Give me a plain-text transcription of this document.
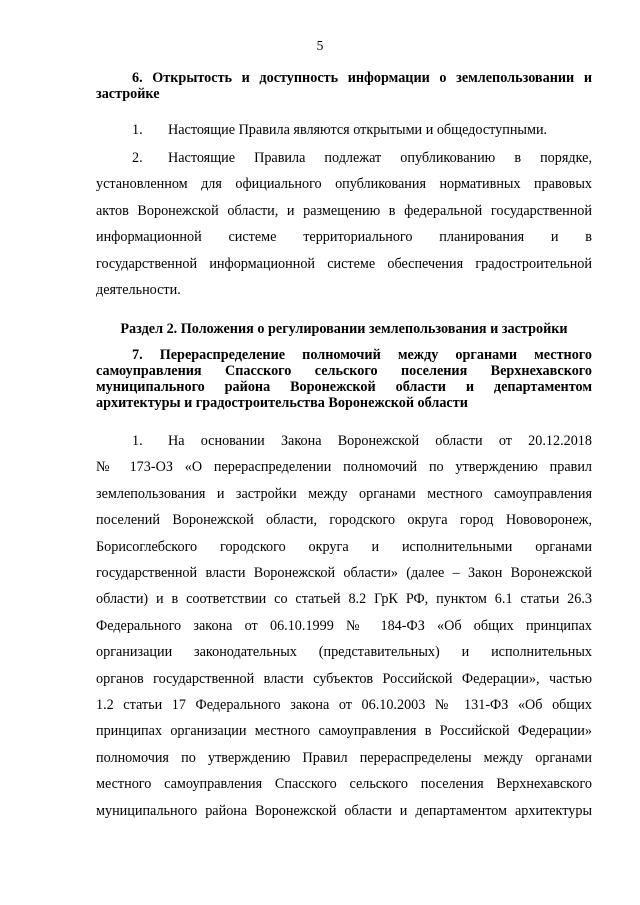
5

6. Открытость и доступность информации о землепользовании и застройке

1. Настоящие Правила являются открытыми и общедоступными.
2. Настоящие Правила подлежат опубликованию в порядке,
установленном для официального опубликования нормативных правовых
актов Воронежской области, и размещению в федеральной государственной
информационной системе территориального планирования и в
государственной информационной системе обеспечения градостроительной
деятельности.

Раздел 2. Положения о регулировании землепользования и застройки

7. Перераспределение полномочий между органами местного самоуправления Спасского сельского поселения Верхнехавского муниципального района Воронежской области и департаментом архитектуры и градостроительства Воронежской области

1. На основании Закона Воронежской области от 20.12.2018
№ 173-ОЗ «О перераспределении полномочий по утверждению правил
землепользования и застройки между органами местного самоуправления
поселений Воронежской области, городского округа город Нововоронеж,
Борисоглебского городского округа и исполнительными органами
государственной власти Воронежской области» (далее – Закон Воронежской
области) и в соответствии со статьей 8.2 ГрК РФ, пунктом 6.1 статьи 26.3
Федерального закона от 06.10.1999 № 184-ФЗ «Об общих принципах
организации законодательных (представительных) и исполнительных
органов государственной власти субъектов Российской Федерации», частью
1.2 статьи 17 Федерального закона от 06.10.2003 № 131-ФЗ «Об общих
принципах организации местного самоуправления в Российской Федерации»
полномочия по утверждению Правил перераспределены между органами
местного самоуправления Спасского сельского поселения Верхнехавского
муниципального района Воронежской области и департаментом архитектуры
